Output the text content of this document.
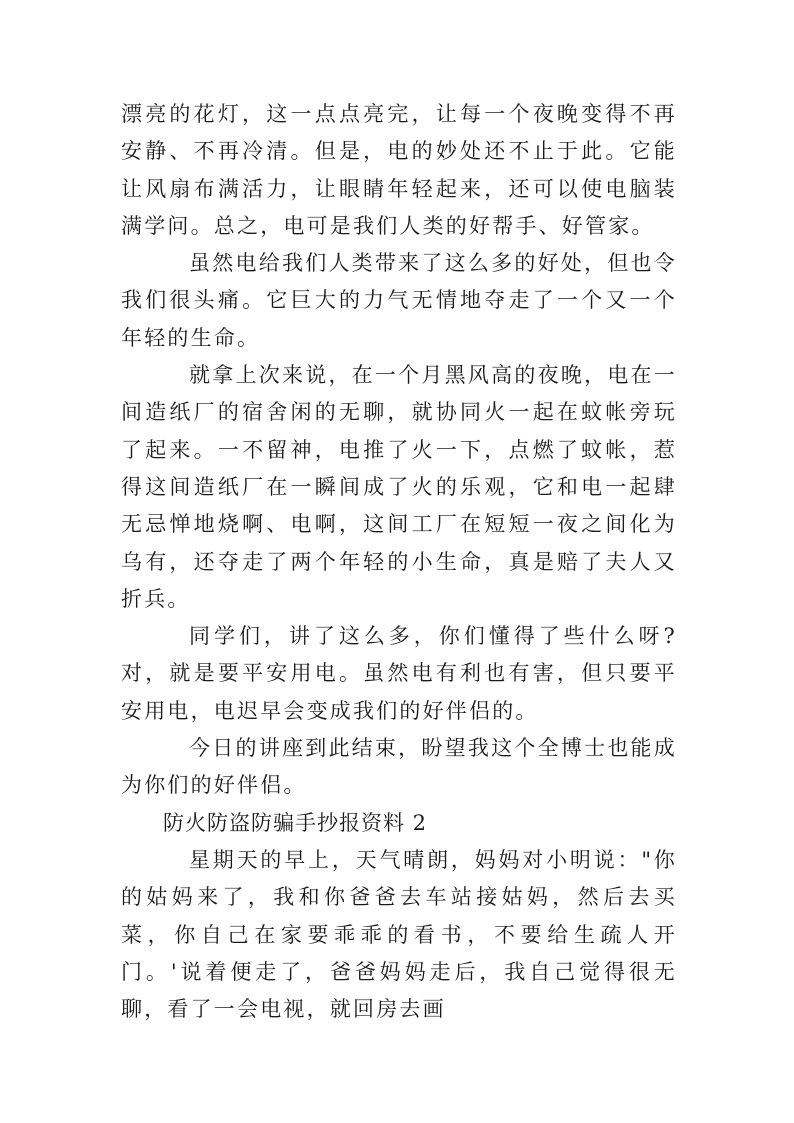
漂亮的花灯，这一点点亮完，让每一个夜晚变得不再安静、不再冷清。但是，电的妙处还不止于此。它能让风扇布满活力，让眼睛年轻起来，还可以使电脑装满学问。总之，电可是我们人类的好帮手、好管家。

虽然电给我们人类带来了这么多的好处，但也令我们很头痛。它巨大的力气无情地夺走了一个又一个年轻的生命。

就拿上次来说，在一个月黑风高的夜晚，电在一间造纸厂的宿舍闲的无聊，就协同火一起在蚊帐旁玩了起来。一不留神，电推了火一下，点燃了蚊帐，惹得这间造纸厂在一瞬间成了火的乐观，它和电一起肆无忌惮地烧啊、电啊，这间工厂在短短一夜之间化为乌有，还夺走了两个年轻的小生命，真是赔了夫人又折兵。

同学们，讲了这么多，你们懂得了些什么呀?对，就是要平安用电。虽然电有利也有害，但只要平安用电，电迟早会变成我们的好伴侣的。

今日的讲座到此结束，盼望我这个全博士也能成为你们的好伴侣。

防火防盗防骗手抄报资料 2

星期天的早上，天气晴朗，妈妈对小明说："你的姑妈来了，我和你爸爸去车站接姑妈，然后去买菜，你自己在家要乖乖的看书，不要给生疏人开门。'说着便走了，爸爸妈妈走后，我自己觉得很无聊，看了一会电视，就回房去画
